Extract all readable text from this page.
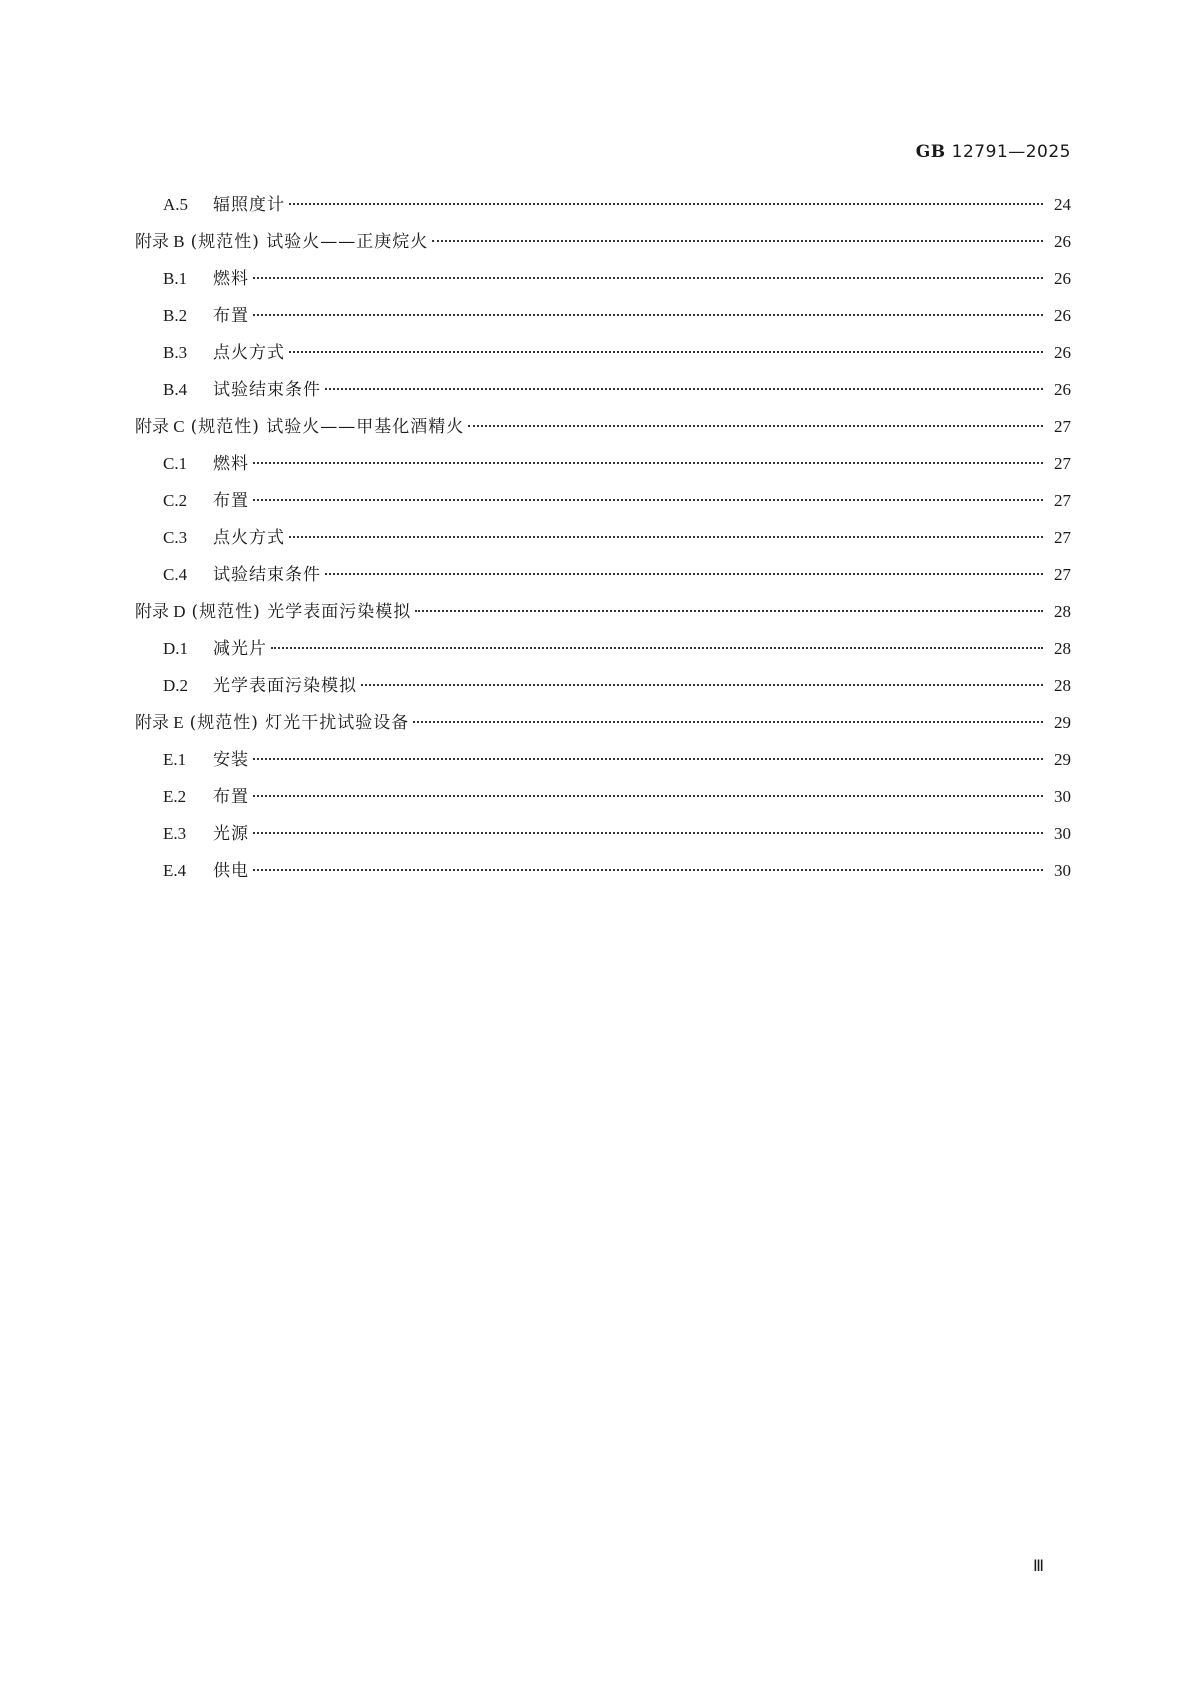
GB 12791—2025
A.5	辐照度计	24
附录 B (规范性) 试验火——正庚烷火	26
B.1	燃料	26
B.2	布置	26
B.3	点火方式	26
B.4	试验结束条件	26
附录 C (规范性) 试验火——甲基化酒精火	27
C.1	燃料	27
C.2	布置	27
C.3	点火方式	27
C.4	试验结束条件	27
附录 D (规范性) 光学表面污染模拟	28
D.1	减光片	28
D.2	光学表面污染模拟	28
附录 E (规范性) 灯光干扰试验设备	29
E.1	安装	29
E.2	布置	30
E.3	光源	30
E.4	供电	30
Ⅲ
